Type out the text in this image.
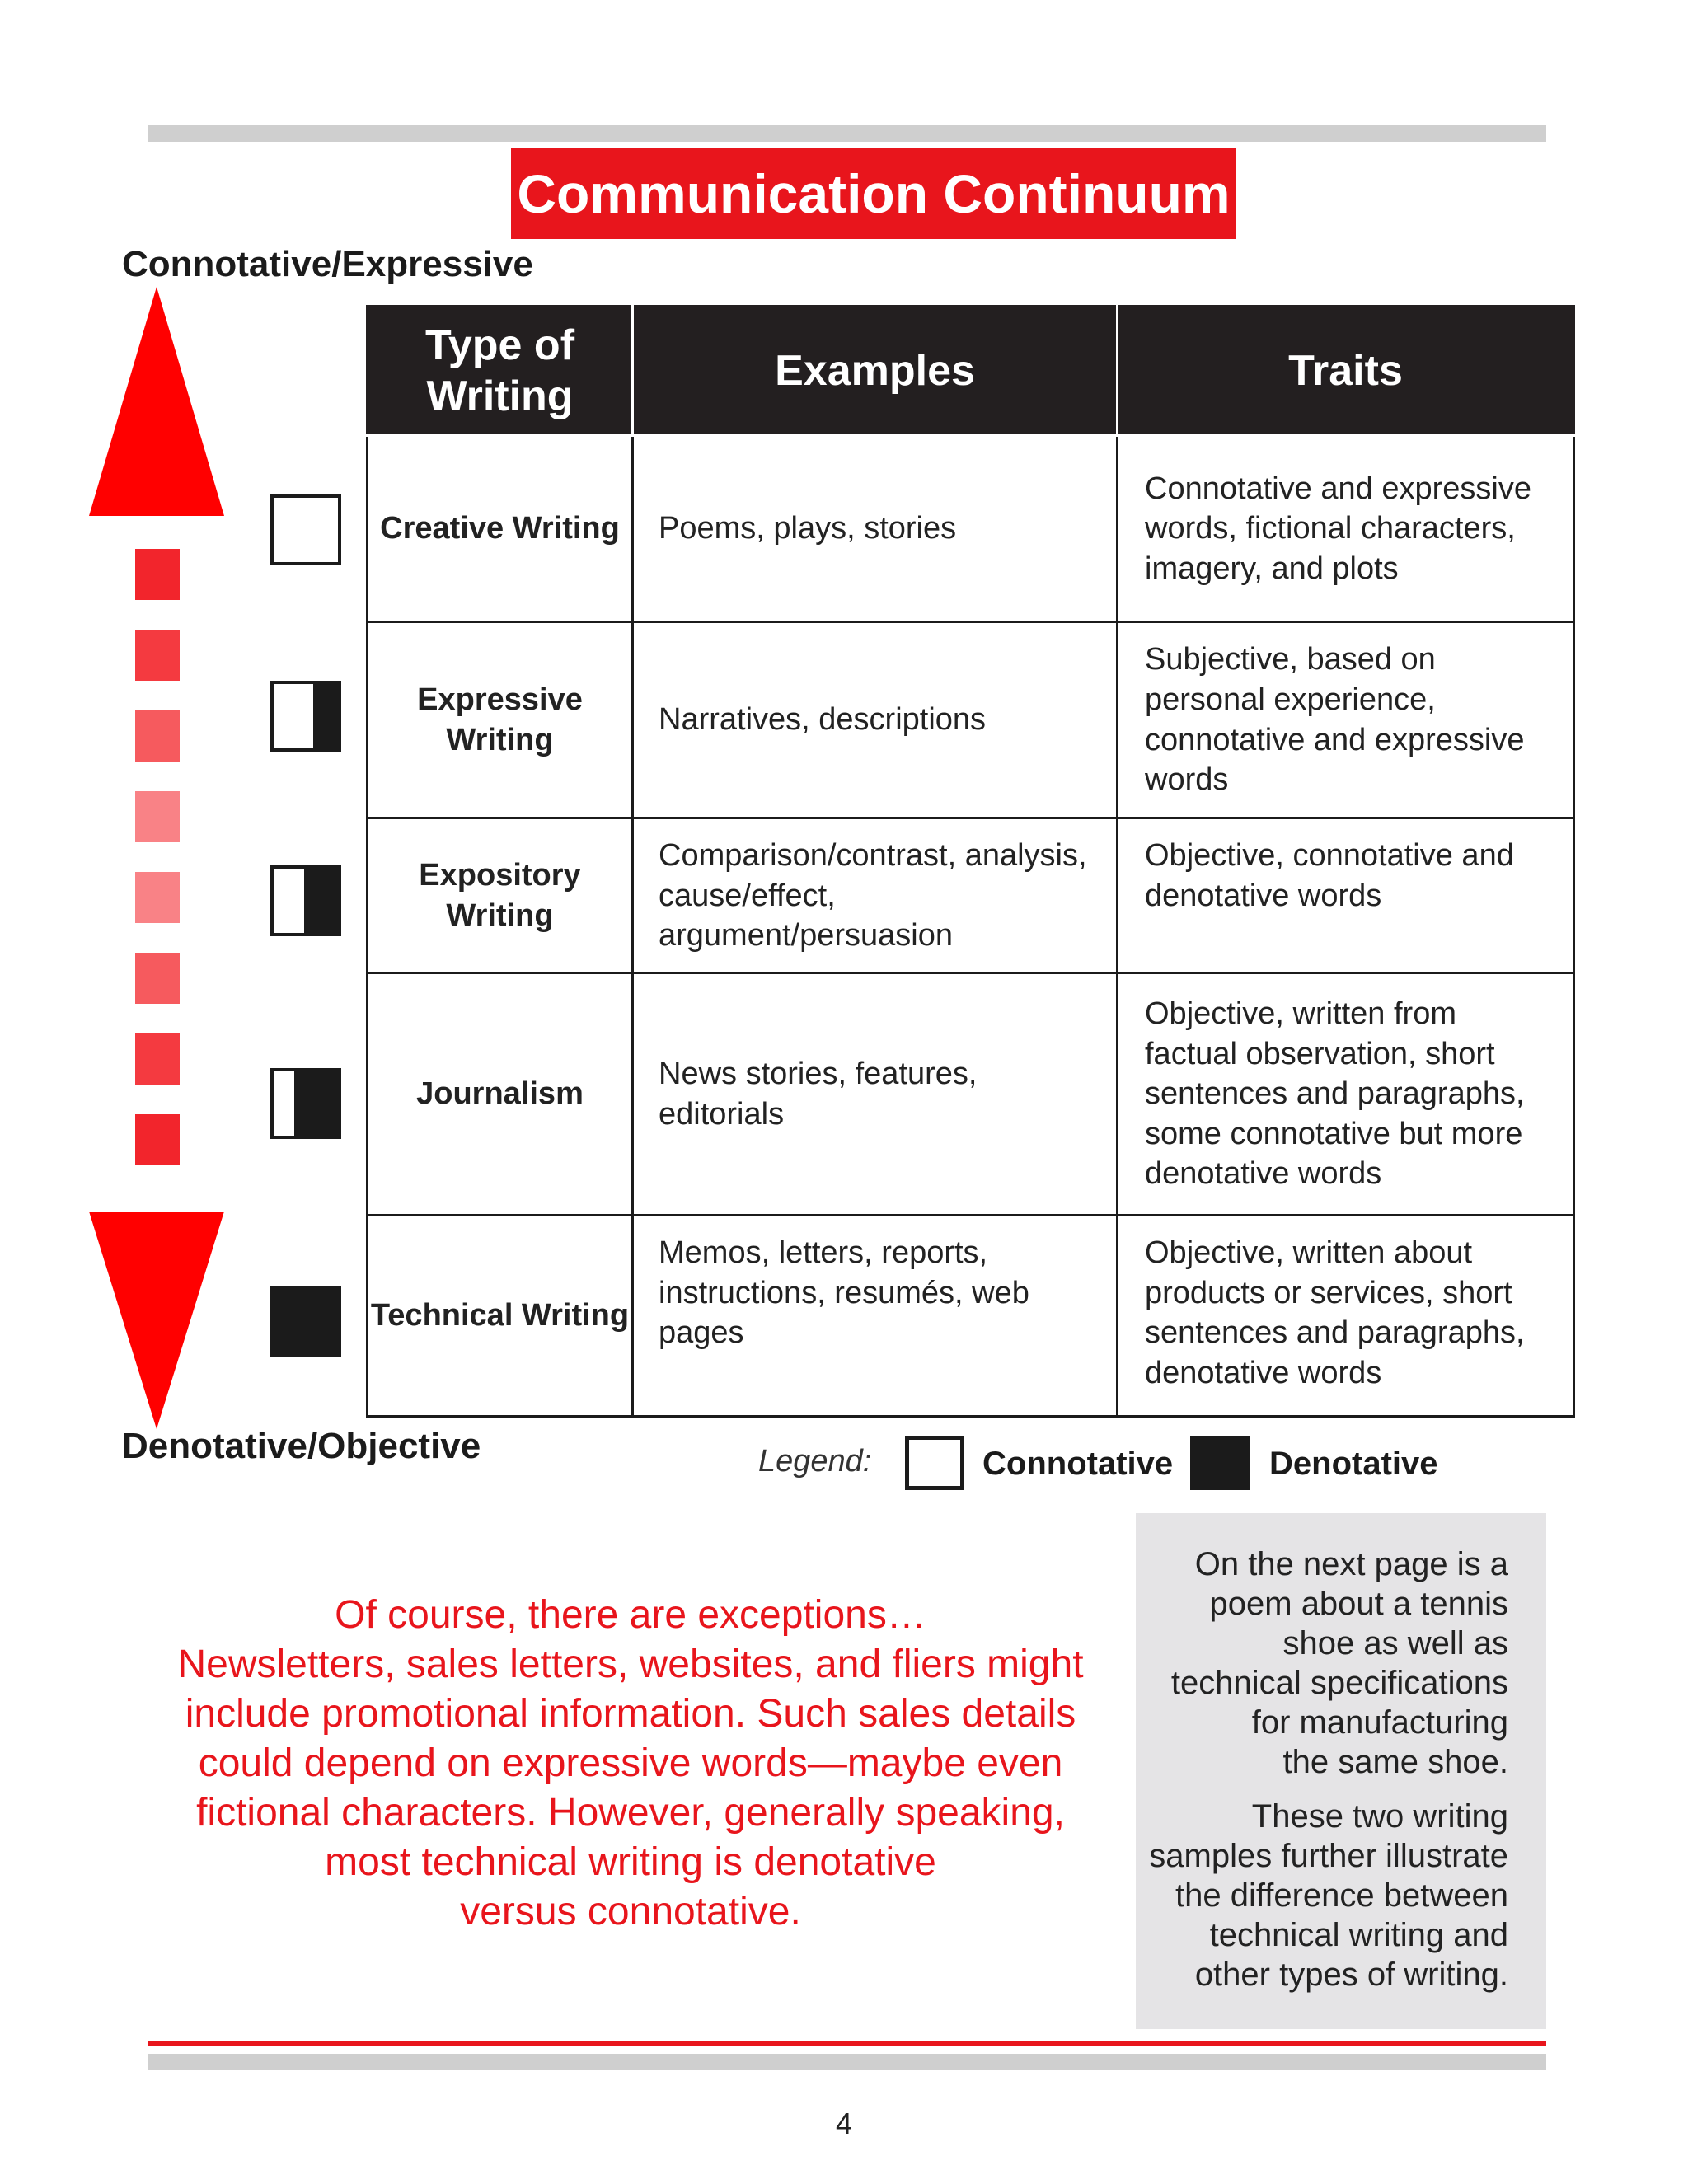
Communication Continuum
Connotative/Expressive
Type of Writing	Examples	Traits
Creative Writing	Poems, plays, stories	Connotative and expressive words, fictional characters, imagery, and plots
Expressive Writing	Narratives, descriptions	Subjective, based on personal experience, connotative and expressive words
Expository Writing	Comparison/contrast, analysis, cause/effect, argument/persuasion	Objective, connotative and denotative words
Journalism	News stories, features, editorials	Objective, written from factual observation, short sentences and paragraphs, some connotative but more denotative words
Technical Writing	Memos, letters, reports, instructions, resumés, web pages	Objective, written about products or services, short sentences and paragraphs, denotative words
Denotative/Objective	Legend:	Connotative	Denotative
Of course, there are exceptions…
Newsletters, sales letters, websites, and fliers might
include promotional information. Such sales details
could depend on expressive words—maybe even
fictional characters. However, generally speaking,
most technical writing is denotative
versus connotative.

On the next page is a
poem about a tennis
shoe as well as
technical specifications
for manufacturing
the same shoe.

These two writing
samples further illustrate
the difference between
technical writing and
other types of writing.

4
